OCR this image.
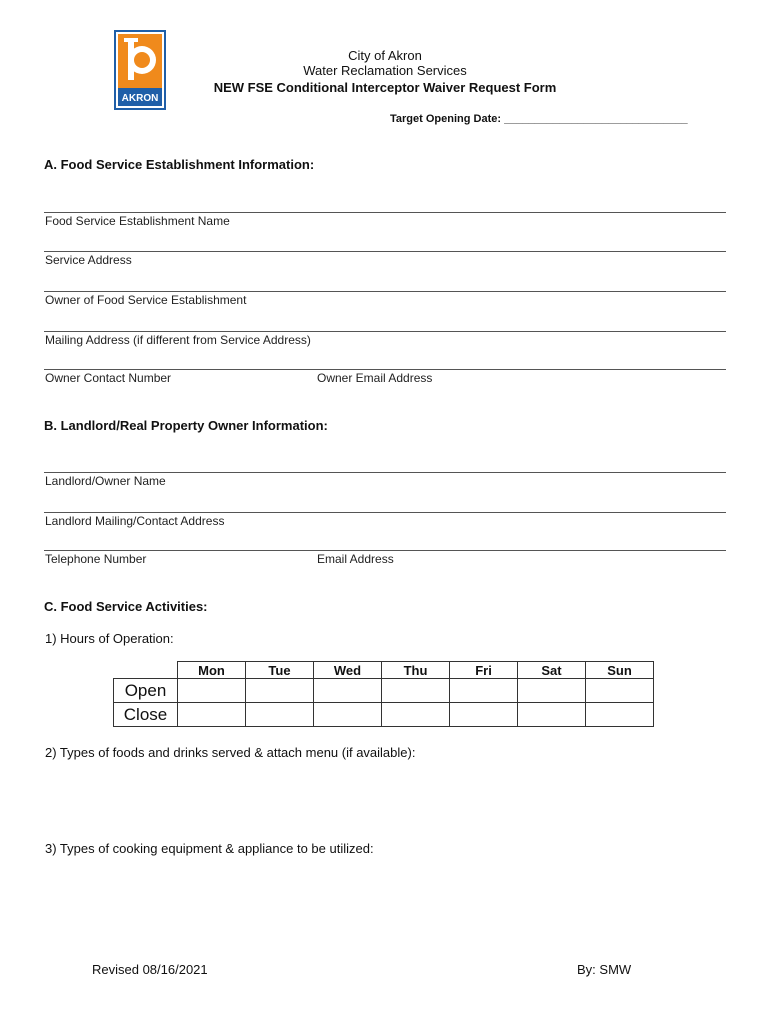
AKRON
City of Akron
Water Reclamation Services
NEW FSE Conditional Interceptor Waiver Request Form
Target Opening Date: ______________________________
A. Food Service Establishment Information:
Food Service Establishment Name
Service Address
Owner of Food Service Establishment
Mailing Address (if different from Service Address)
Owner Contact Number	Owner Email Address
B. Landlord/Real Property Owner Information:
Landlord/Owner Name
Landlord Mailing/Contact Address
Telephone Number	Email Address
C. Food Service Activities:
1) Hours of Operation:
	Mon	Tue	Wed	Thu	Fri	Sat	Sun
Open							
Close							
2) Types of foods and drinks served & attach menu (if available):
3) Types of cooking equipment & appliance to be utilized:
Revised 08/16/2021	By: SMW
